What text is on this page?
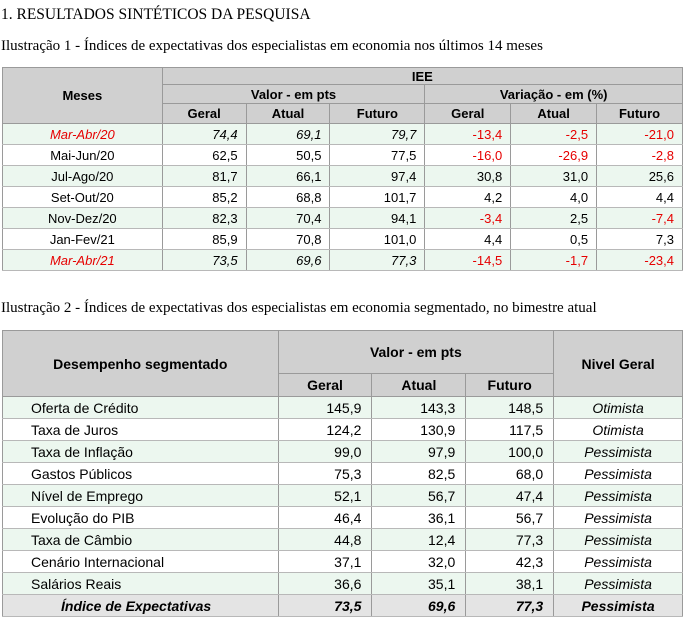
1. RESULTADOS SINTÉTICOS DA PESQUISA
Ilustração 1 - Índices de expectativas dos especialistas em economia nos últimos 14 meses
Meses	IEE					
	Valor - em pts			Variação - em (%)		
	Geral	Atual	Futuro	Geral	Atual	Futuro
Mar-Abr/20	74,4	69,1	79,7	-13,4	-2,5	-21,0
Mai-Jun/20	62,5	50,5	77,5	-16,0	-26,9	-2,8
Jul-Ago/20	81,7	66,1	97,4	30,8	31,0	25,6
Set-Out/20	85,2	68,8	101,7	4,2	4,0	4,4
Nov-Dez/20	82,3	70,4	94,1	-3,4	2,5	-7,4
Jan-Fev/21	85,9	70,8	101,0	4,4	0,5	7,3
Mar-Abr/21	73,5	69,6	77,3	-14,5	-1,7	-23,4
Ilustração 2 - Índices de expectativas dos especialistas em economia segmentado, no bimestre atual
Desempenho segmentado	Valor - em pts			Nivel Geral
	Geral	Atual	Futuro	
Oferta de Crédito	145,9	143,3	148,5	Otimista
Taxa de Juros	124,2	130,9	117,5	Otimista
Taxa de Inflação	99,0	97,9	100,0	Pessimista
Gastos Públicos	75,3	82,5	68,0	Pessimista
Nível de Emprego	52,1	56,7	47,4	Pessimista
Evolução do PIB	46,4	36,1	56,7	Pessimista
Taxa de Câmbio	44,8	12,4	77,3	Pessimista
Cenário Internacional	37,1	32,0	42,3	Pessimista
Salários Reais	36,6	35,1	38,1	Pessimista
Índice de Expectativas	73,5	69,6	77,3	Pessimista
